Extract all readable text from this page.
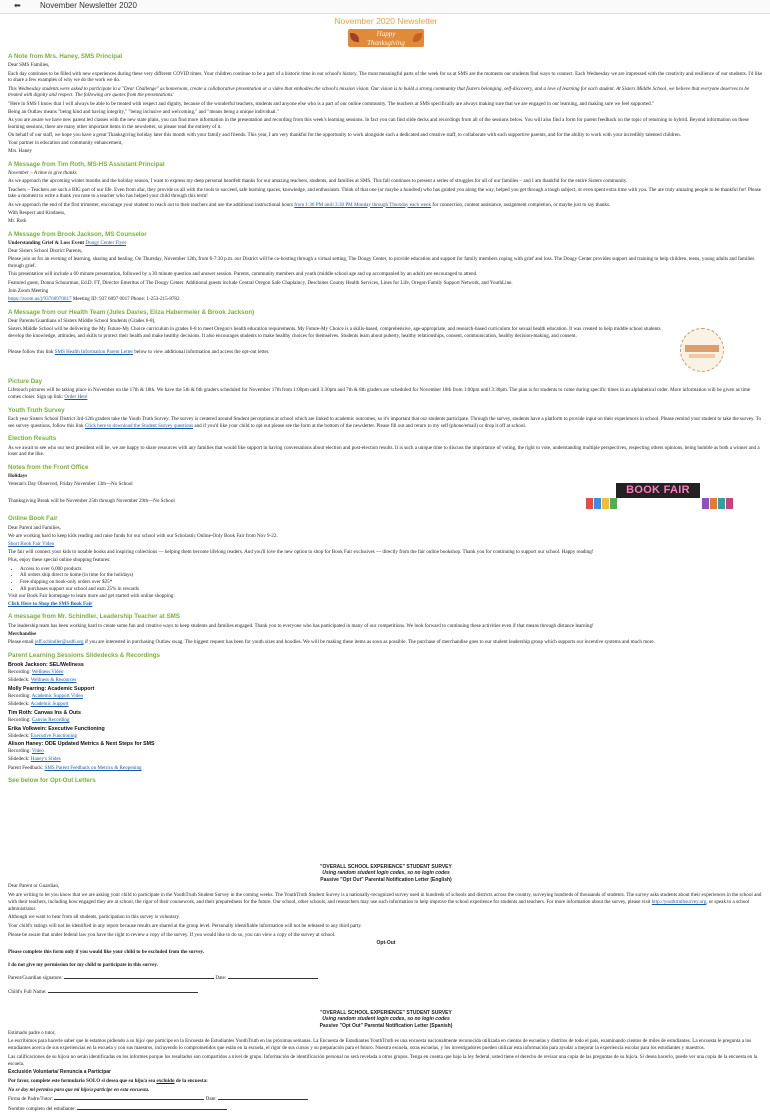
⬅ November Newsletter 2020
November 2020 Newsletter
Happy
Thanksgiving
A Note from Mrs. Haney, SMS Principal

Dear SMS Families,

Each day continues to be filled with new experiences during these very different COVID times. Your children continue to be a part of a historic time in our school's history. The most meaningful parts of the week for us at SMS are the moments our students find ways to connect. Each Wednesday we are impressed with the creativity and resilience of our students. I'd like to share a few examples of why we do the work we do.

This Wednesday students were asked to participate in a "Dear Challenge" as homeroom, create a collaborative presentation or a video that embodies the school's mission vision. Our vision is to build a strong community that fosters belonging, self-discovery, and a love of learning for each student. At Sisters Middle School, we believe that everyone deserves to be treated with dignity and respect. The following are quotes from the presentations:

"Here in SMS I know that I will always be able to be treated with respect and dignity, because of the wonderful teachers, students and anyone else who is a part of our online community. The teachers at SMS specifically are always making sure that we are engaged in our learning, and making sure we feel supported."

Being an Outlaw means "being kind and having integrity," "being inclusive and welcoming," and "means being a unique individual."

As you are aware we have new parent led classes with the new state plans, you can find more information in the presentation and recording from this week's learning sessions. In fact you can find slide decks and recordings from all of the sessions below. You will also find a form for parent feedback on the topic of returning to hybrid. Beyond information on these learning sessions, there are many other important items in the newsletter, so please read the entirety of it.

On behalf of our staff, we hope you have a great Thanksgiving holiday later this month with your family and friends. This year, I am very thankful for the opportunity to work alongside such a dedicated and creative staff, to collaborate with such supportive parents, and for the ability to work with your incredibly talented children.

Your partner in education and community enhancement,

Mrs. Haney

A Message from Tim Roth, MS-HS Assistant Principal

November – A time to give thanks

As we approach the upcoming winter months and the holiday season, I want to express my deep personal heartfelt thanks for our amazing teachers, students, and families at SMS. This fall continues to present a series of struggles for all of our families – and I am thankful for the entire Sisters community.

Teachers – Teachers are such a BIG part of our life. Even from afar, they provide us all with the tools to succeed, safe learning spaces, knowledge, and enthusiasm. Think of that one (or maybe a hundred) who has guided you along the way, helped you get through a tough subject, or even spent extra time with you. The are truly amazing people to be thankful for! Please take a moment to write a thank you note to a teacher who has helped your child through this term!

As we approach the end of the first trimester, encourage your student to reach out to their teachers and use the additional instructional hours from 1:30 PM until 3:30 PM Monday through Thursday each week for connection, content assistance, assignment completion, or maybe just to say thanks.

With Respect and Kindness,

Mr. Roth

A Message from Brook Jackson, MS Counselor

Understanding Grief & Loss Event Dougy Center Flyer

Dear Sisters School District Parents,

Please join us for an evening of learning, sharing and healing. On Thursday, November 12th, from 6-7:30 p.m. our District will be co-hosting through a virtual setting, The Dougy Center, to provide education and support for family members coping with grief and loss. The Dougy Center provides support and training to help children, teens, young adults and families through grief.

This presentation will include a 60 minute presentation, followed by a 30 minute question and answer session. Parents, community members and youth (middle school age and up accompanied by an adult) are encouraged to attend.

Featured guest, Donna Schuurman, Ed.D. FT, Director Emeritus of The Dougy Center. Additional guests include Central Oregon Safe Chaplaincy, Deschutes County Health Services, Lines for Life, Oregon Family Support Network, and YouthLine.

Join Zoom Meeting

https://zoom.us/j/93760970017 Meeting ID: 937 6097 0017 Phone: 1-253-215-8782

A Message from our Health Team (Jules Davies, Eliza Habermeier & Brook Jackson)

Dear Parents/Guardians of Sisters Middle School Students (Grades 6-8),

Sisters Middle School will be delivering the My Future-My Choice curriculum in grades 6-8 to meet Oregon's health education requirements. My Future-My Choice is a skills-based, comprehensive, age-appropriate, and research-based curriculum for sexual health education. It was created to help middle school students develop the knowledge, attitudes, and skills to protect their health and make healthy decisions. It also encourages students to make healthy choices for themselves. Students learn about puberty, healthy relationships, consent, communication, healthy decision-making, and consent.

Please follow this link SMS Health Information Parent Letter below to view additional information and access the opt-out letter.

Picture Day

Lifetouch pictures will be taking place in November on the 17th & 18th. We have the 5th & 6th graders scheduled for November 17th from 1:00pm until 3:30pm and 7th & 8th graders are scheduled for November 18th from 1:00pm until 3:30pm. The plan is for students to come during specific times in an alphabetical order. More information will be given as time comes closer. Sign up link: Order Here

Youth Truth Survey

Each year Sisters School District 3rd-12th graders take the Youth Truth Survey. The survey is centered around Student perceptions at school which are linked to academic outcomes, so it's important that our students participate. Through the survey, students have a platform to provide input on their experiences in school. Please remind your student to take the survey. To see survey questions, follow this link Click here to download the Student Survey questions and if you'd like your child to opt out please see the form at the bottom of the newsletter. Please fill out and return to my self (phone/email) or drop it off at school.

Election Results

As we await to see who our next president will be, we are happy to share resources with any families that would like support in having conversations about election and post-election results. It is such a unique time to discuss the importance of voting, the right to vote, understanding multiple perspectives, respecting others opinions, being humble as both a winner and a loser and the like.

Notes from the Front Office

Holidays

Veteran's Day Observed, Friday November 13th—No School

Thanksgiving Break will be November 25th through November 29th—No School

BOOK FAIR
Online Book Fair

Dear Parent and Families,

We are working hard to keep kids reading and raise funds for our school with our Scholastic Online-Only Book Fair from Nov 9-22.

Short Book Fair Video

The fair will connect your kids to notable books and inspiring collections — helping them become lifelong readers. And you'll love the new option to shop for Book Fair exclusives — directly from the fair online bookshop. Thank you for continuing to support our school. Happy reading!

Plus, enjoy these special online shopping features:

• Access to over 6,000 products
• All orders ship direct to home (in time for the holidays)
• Free shipping on book-only orders over $25*
• All purchases support our school and earn 25% in rewards

Visit our Book Fair homepage to learn more and get started with online shopping:

Click Here to Shop the SMS Book Fair

A message from Mr. Schindler, Leadership Teacher at SMS

The leadership team has been working hard to create some fun and creative ways to keep students and families engaged. Thank you to everyone who has participated in many of our competitions. We look forward to continuing these activities even if that means through distance learning!

Merchandise

Please email jeff.schindler@ssd6.org if you are interested in purchasing Outlaw swag. The biggest request has been for youth sizes and hoodies. We will be making these items as soon as possible. The purchase of merchandise goes to our student leadership group which supports our incentive systems and much more.

Parent Learning Sessions Slidedecks & Recordings
Brook Jackson: SEL/Wellness

Recording: Wellness Video

Slidedeck: Wellness & Resources

Molly Pearring: Academic Support

Recording: Academic Support Video

Slidedeck: Academic Support

Tim Roth: Canvas Ins & Outs

Recording: Canvas Recording

Erika Volkwein: Executive Functioning

Slidedeck: Executive Functioning

Alison Haney: ODE Updated Metrics & Next Steps for SMS

Recording: Video

Slidedeck: Haney's Slides

Parent Feedback: SMS Parent Feedback on Metrics & Reopening

See below for Opt-Out Letters
"OVERALL SCHOOL EXPERIENCE" STUDENT SURVEY
Using random student login codes, so no login codes
Passive "Opt Out" Parental Notification Letter (English)

Dear Parent or Guardian,

We are writing to let you know that we are asking your child to participate in the YouthTruth Student Survey in the coming weeks. The YouthTruth Student Survey is a nationally-recognized survey used in hundreds of schools and districts across the country, surveying hundreds of thousands of students. The survey asks students about their experiences in the school and with their teachers, including how engaged they are at school, the rigor of their coursework, and their preparedness for the future. Our school, other schools, and researchers may use such information to help improve the school experience for students and teachers. For more information about the survey, please visit http://youthtruthsurvey.org, or speak to a school administrator.

Although we want to hear from all students, participation in this survey is voluntary.

Your child's ratings will not be identified in any report because results are shared at the group level. Personally identifiable information will not be released to any third party.

Please be aware that under federal law you have the right to review a copy of the survey. If you would like to do so, you can view a copy of the survey at school.

Opt-Out

Please complete this form only if you would like your child to be excluded from the survey.

I do not give my permission for my child to participate in this survey.

Parent/Guardian signature:	Date:

Child's Full Name:

"OVERALL SCHOOL EXPERIENCE" STUDENT SURVEY
Using random student login codes, so no login codes
Passive "Opt Out" Parental Notification Letter (Spanish)

Estimado padre o tutor,

Le escribimos para hacerle saber que le estamos pidiendo a su hijo/ que participe en la Encuesta de Estudiantes YouthTruth en las próximas semanas. La Encuesta de Estudiantes YouthTruth es una encuesta nacionalmente reconocida utilizada en cientos de escuelas y distritos de todo el país, examinando cientos de miles de estudiantes. La encuesta le pregunta a los estudiantes acerca de sus experiencias en la escuela y con sus maestros, incluyendo lo comprometidos que están en la escuela, el rigor de sus cursos y su preparación para el futuro. Nuestra escuela, otras escuelas, y los investigadores pueden utilizar esta información para ayudar a mejorar la experiencia escolar para los estudiantes y maestros.

Las calificaciones de su hijo/a no serán identificadas en los informes porque los resultados son compartidos a nivel de grupo. Información de identificación personal no será revelada a otros grupos. Tenga en cuenta que bajo la ley federal, usted tiene el derecho de revisar una copia de las preguntas de su hijo/a. Si desea hacerlo, puede ver una copia de la encuesta en la escuela.

Exclusión Voluntaria/ Renuncia a Participar

Por favor, complete este formulario SOLO si desea que su hijo/a sea excluido de la encuesta:

No se doy mi permiso para que mi hijo/a participe en esta encuesta.

Firma de Padre/Tutor:	Date:

Nombre completo del estudiante:
